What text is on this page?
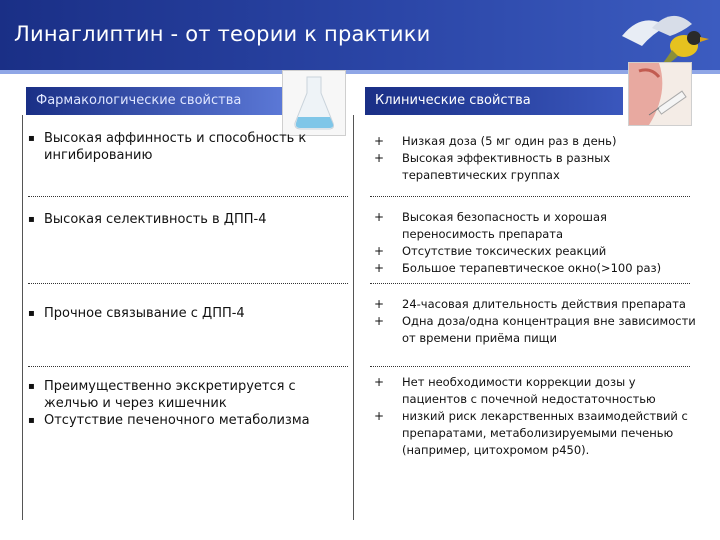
Линаглиптин - от теории к практики
Фармакологические свойства	Клинические свойства
▪ Высокая аффинность и способность к ингибированию
+ Низкая доза (5 мг один раз в день)
+ Высокая эффективность в разных терапевтических группах
▪ Высокая селективность в ДПП-4	+ Высокая безопасность и хорошая переносимость препарата
+ Отсутствие токсических реакций
+ Большое терапевтическое окно(>100 раз)
▪ Прочное связывание с ДПП-4
+ 24-часовая длительность действия препарата
+ Одна доза/одна концентрация вне зависимости от времени приёма пищи
▪ Преимущественно экскретируется с желчью и через кишечник
▪ Отсутствие печеночного метаболизма
+ Нет необходимости коррекции дозы у пациентов с почечной недостаточностью
+ низкий риск лекарственных взаимодействий с препаратами, метаболизируемыми печенью (например, цитохромом р450).
